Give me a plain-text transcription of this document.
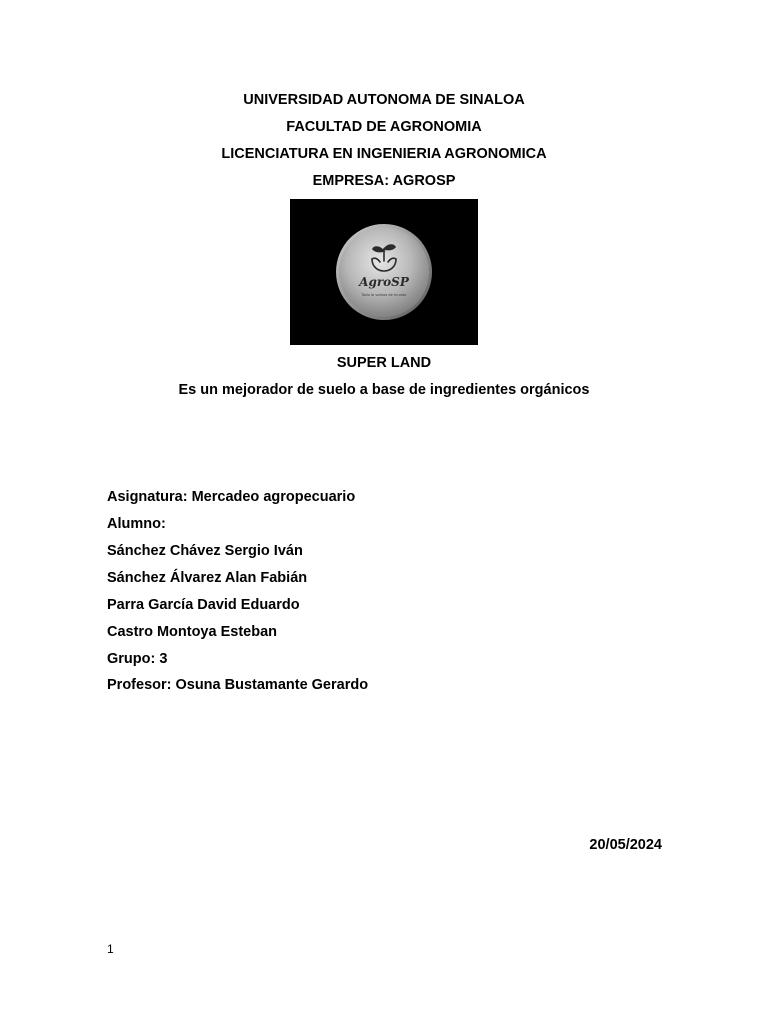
UNIVERSIDAD AUTONOMA DE SINALOA
FACULTAD DE AGRONOMIA
LICENCIATURA EN INGENIERIA AGRONOMICA
EMPRESA: AGROSP
AgroSP
Todo lo vamos de mundo
SUPER LAND
Es un mejorador de suelo a base de ingredientes orgánicos
Asignatura: Mercadeo agropecuario
Alumno:
Sánchez Chávez Sergio Iván
Sánchez Álvarez Alan Fabián
Parra García David Eduardo
Castro Montoya Esteban
Grupo: 3
Profesor: Osuna Bustamante Gerardo
20/05/2024
1
